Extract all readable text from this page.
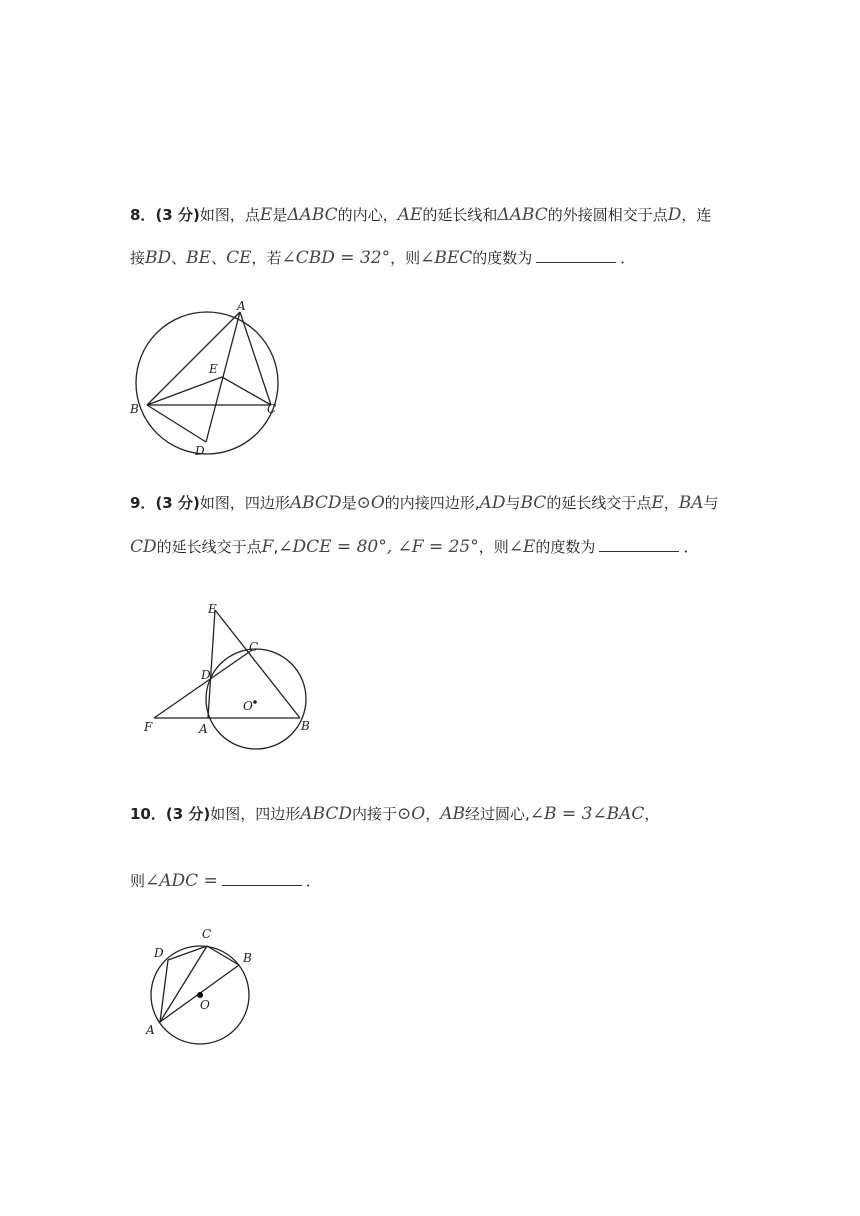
8．(3 分)如图，点E是ΔABC的内心，AE的延长线和ΔABC的外接圆相交于点D，连
接BD、BE、CE，若∠CBD = 32°，则∠BEC的度数为	．
A
B	C
D
E
9．(3 分)如图，四边形ABCD是⊙O的内接四边形,AD与BC的延长线交于点E，BA与
CD的延长线交于点F,∠DCE = 80°, ∠F = 25°，则∠E的度数为	．
E
C
D
O
F	A	B
10．(3 分)如图，四边形ABCD内接于⊙O，AB经过圆心,∠B = 3∠BAC，
则∠ADC =	．
C
D	B
O
A
